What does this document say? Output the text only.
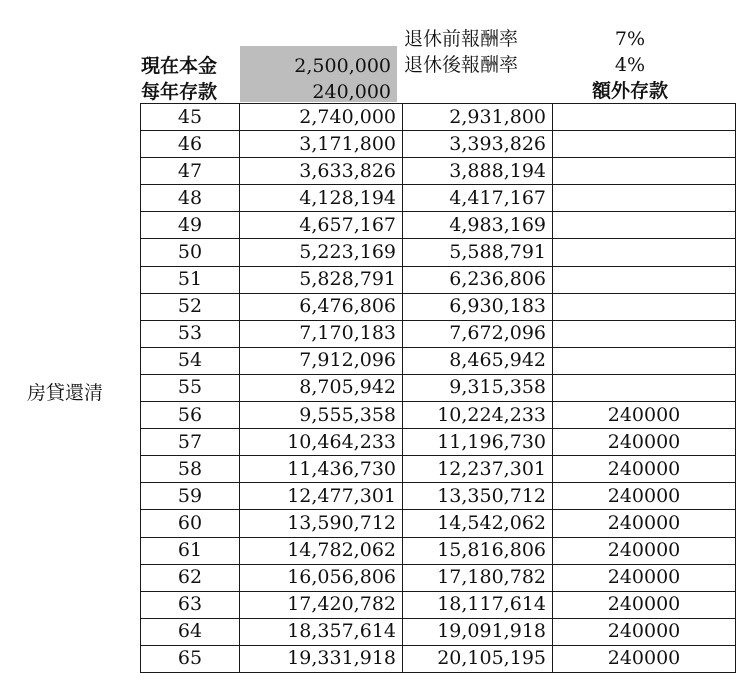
現在本金	2,500,000
每年存款	240,000
退休前報酬率	7%
退休後報酬率	4%
額外存款
房貸還清
45	2,740,000	2,931,800	
46	3,171,800	3,393,826	
47	3,633,826	3,888,194	
48	4,128,194	4,417,167	
49	4,657,167	4,983,169	
50	5,223,169	5,588,791	
51	5,828,791	6,236,806	
52	6,476,806	6,930,183	
53	7,170,183	7,672,096	
54	7,912,096	8,465,942	
55	8,705,942	9,315,358	
56	9,555,358	10,224,233	240000
57	10,464,233	11,196,730	240000
58	11,436,730	12,237,301	240000
59	12,477,301	13,350,712	240000
60	13,590,712	14,542,062	240000
61	14,782,062	15,816,806	240000
62	16,056,806	17,180,782	240000
63	17,420,782	18,117,614	240000
64	18,357,614	19,091,918	240000
65	19,331,918	20,105,195	240000
